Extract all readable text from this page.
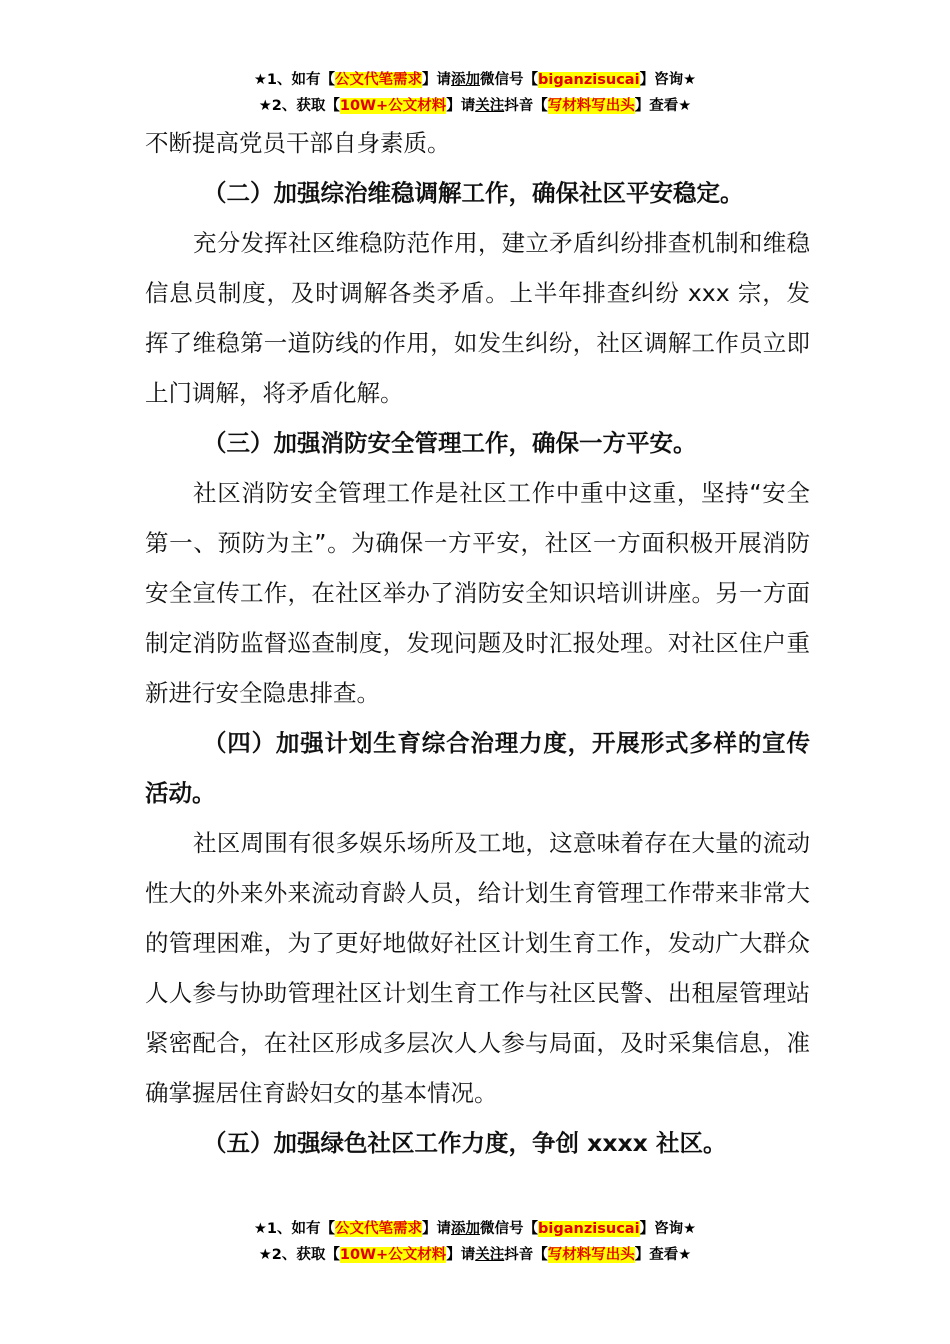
★1、如有【公文代笔需求】请添加微信号【biganzisucai】咨询★
★2、获取【10W+公文材料】请关注抖音【写材料写出头】查看★

不断提高党员干部自身素质。

（二）加强综治维稳调解工作，确保社区平安稳定。

充分发挥社区维稳防范作用，建立矛盾纠纷排查机制和维稳信息员制度，及时调解各类矛盾。上半年排查纠纷 xxx 宗，发挥了维稳第一道防线的作用，如发生纠纷，社区调解工作员立即上门调解，将矛盾化解。

（三）加强消防安全管理工作，确保一方平安。

社区消防安全管理工作是社区工作中重中这重，坚持“安全第一、预防为主”。为确保一方平安，社区一方面积极开展消防安全宣传工作，在社区举办了消防安全知识培训讲座。另一方面制定消防监督巡查制度，发现问题及时汇报处理。对社区住户重新进行安全隐患排查。

（四）加强计划生育综合治理力度，开展形式多样的宣传活动。

社区周围有很多娱乐场所及工地，这意味着存在大量的流动性大的外来外来流动育龄人员，给计划生育管理工作带来非常大的管理困难，为了更好地做好社区计划生育工作，发动广大群众人人参与协助管理社区计划生育工作与社区民警、出租屋管理站紧密配合，在社区形成多层次人人参与局面，及时采集信息，准确掌握居住育龄妇女的基本情况。

（五）加强绿色社区工作力度，争创 xxxx 社区。

★1、如有【公文代笔需求】请添加微信号【biganzisucai】咨询★
★2、获取【10W+公文材料】请关注抖音【写材料写出头】查看★
